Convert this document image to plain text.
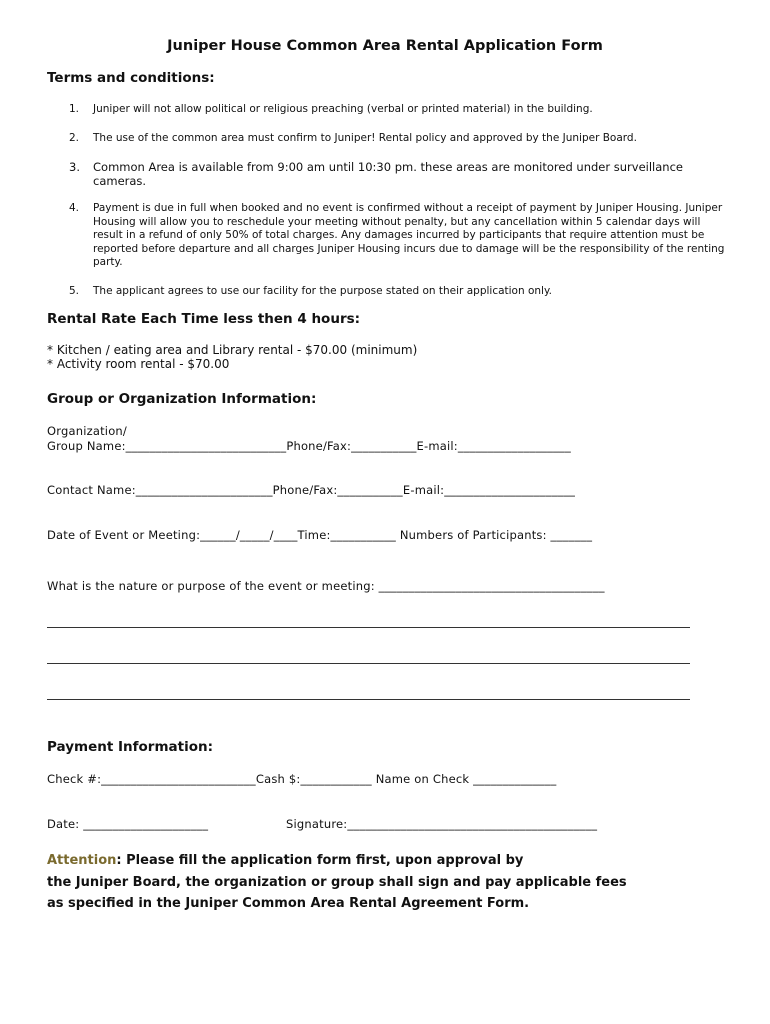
Juniper House Common Area Rental Application Form
Terms and conditions:
1. Juniper will not allow political or religious preaching (verbal or printed material) in the building.
2. The use of the common area must confirm to Juniper! Rental policy and approved by the Juniper Board.
3. Common Area is available from 9:00 am until 10:30 pm. these areas are monitored under surveillance cameras.
4. Payment is due in full when booked and no event is confirmed without a receipt of payment by Juniper Housing. Juniper Housing will allow you to reschedule your meeting without penalty, but any cancellation within 5 calendar days will result in a refund of only 50% of total charges. Any damages incurred by participants that require attention must be reported before departure and all charges Juniper Housing incurs due to damage will be the responsibility of the renting party.
5. The applicant agrees to use our facility for the purpose stated on their application only.
Rental Rate Each Time less then 4 hours:
* Kitchen / eating area and Library rental - $70.00 (minimum)
* Activity room rental - $70.00
Group or Organization Information:
Organization/
Group Name:___________________________Phone/Fax:___________E-mail:___________________
Contact Name:_______________________Phone/Fax:___________E-mail:______________________
Date of Event or Meeting:______/_____/____Time:___________ Numbers of Participants: _______
What is the nature or purpose of the event or meeting: ______________________________________
Payment Information:
Check #:__________________________Cash $:____________ Name on Check ______________
Date: _____________________	Signature:__________________________________________
Attention: Please fill the application form first, upon approval by
the Juniper Board, the organization or group shall sign and pay applicable fees
as specified in the Juniper Common Area Rental Agreement Form.
